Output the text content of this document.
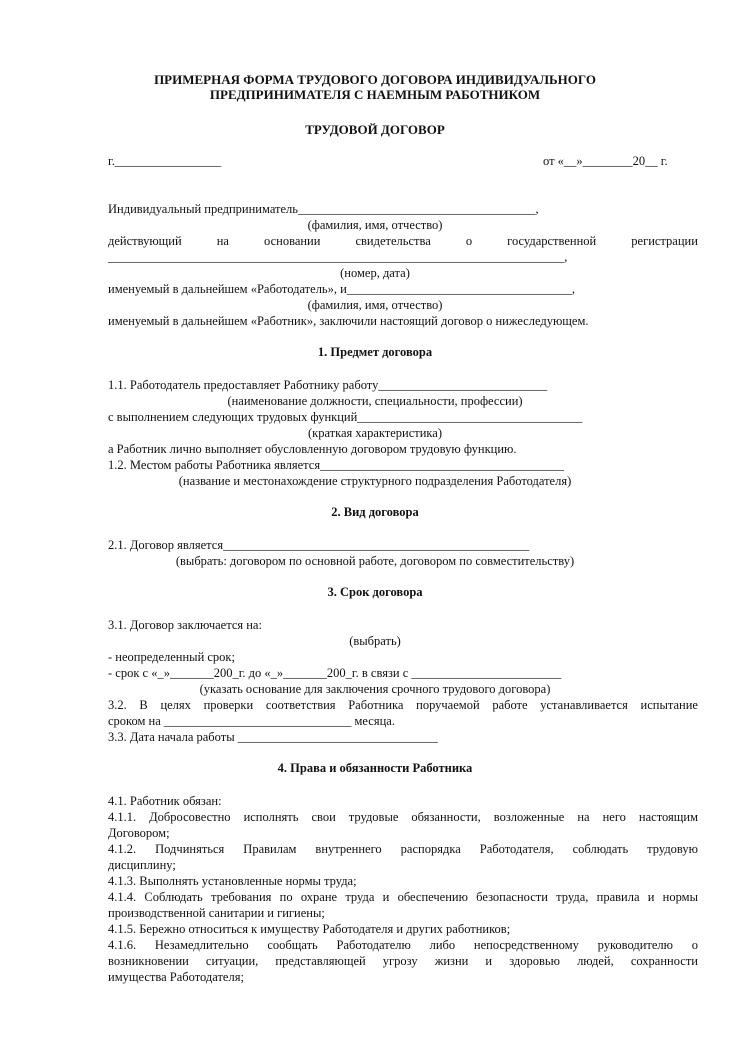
ПРИМЕРНАЯ ФОРМА ТРУДОВОГО ДОГОВОРА ИНДИВИДУАЛЬНОГО
ПРЕДПРИНИМАТЕЛЯ С НАЕМНЫМ РАБОТНИКОМ
ТРУДОВОЙ ДОГОВОР
г._________________	от «__»________20__ г.
Индивидуальный предприниматель______________________________________,
(фамилия, имя, отчество)
действующий	на	основании	свидетельства	о	государственной	регистрации
_________________________________________________________________________,
(номер, дата)
именуемый в дальнейшем «Работодатель», и____________________________________,
(фамилия, имя, отчество)
именуемый в дальнейшем «Работник», заключили настоящий договор о нижеследующем.
1. Предмет договора
1.1. Работодатель предоставляет Работнику работу___________________________
(наименование должности, специальности, профессии)
с выполнением следующих трудовых функций____________________________________
(краткая характеристика)
а Работник лично выполняет обусловленную договором трудовую функцию.
1.2. Местом работы Работника является_______________________________________
(название и местонахождение структурного подразделения Работодателя)
2. Вид договора
2.1. Договор является_________________________________________________
(выбрать: договором по основной работе, договором по совместительству)
3. Срок договора
3.1. Договор заключается на:
(выбрать)
- неопределенный срок;
- срок с «_»_______200_г. до «_»_______200_г. в связи с ________________________
(указать основание для заключения срочного трудового договора)
3.2. В целях проверки соответствия Работника поручаемой работе устанавливается испытание
сроком на ______________________________ месяца.
3.3. Дата начала работы ________________________________
4. Права и обязанности Работника
4.1. Работник обязан:
4.1.1. Добросовестно исполнять свои трудовые обязанности, возложенные на него настоящим
Договором;
4.1.2. Подчиняться Правилам внутреннего распорядка Работодателя, соблюдать трудовую
дисциплину;
4.1.3. Выполнять установленные нормы труда;
4.1.4. Соблюдать требования по охране труда и обеспечению безопасности труда, правила и нормы
производственной санитарии и гигиены;
4.1.5. Бережно относиться к имуществу Работодателя и других работников;
4.1.6. Незамедлительно сообщать Работодателю либо непосредственному руководителю о
возникновении ситуации, представляющей угрозу жизни и здоровью людей, сохранности
имущества Работодателя;
